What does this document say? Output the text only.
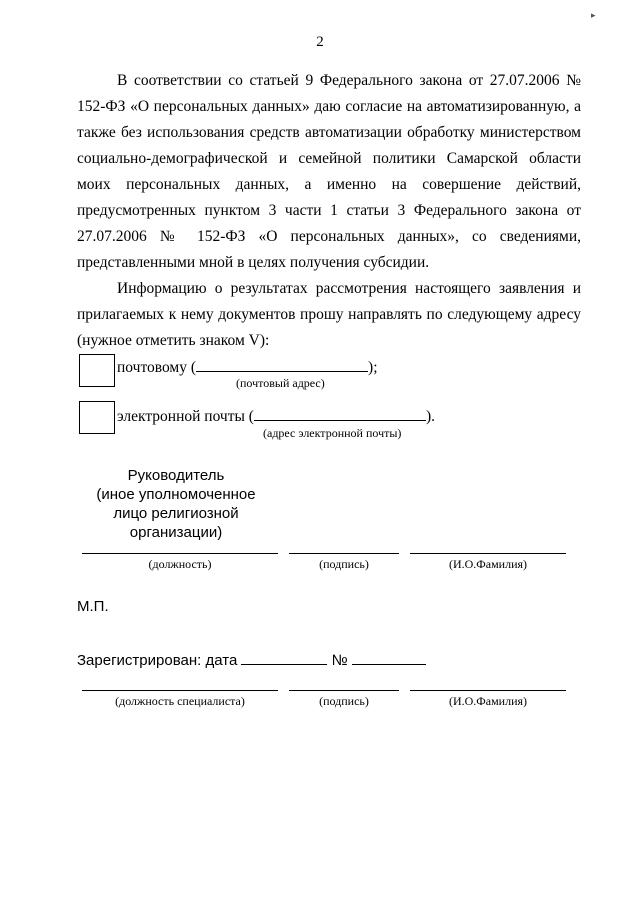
▸
2

В соответствии со статьей 9 Федерального закона от 27.07.2006 № 152-ФЗ «О персональных данных» даю согласие на автоматизированную, а также без использования средств автоматизации обработку министерством социально-демографической и семейной политики Самарской области моих персональных данных, а именно на совершение действий, предусмотренных пунктом 3 части 1 статьи 3 Федерального закона от 27.07.2006 № 152-ФЗ «О персональных данных», со сведениями, представленными мной в целях получения субсидии.

Информацию о результатах рассмотрения настоящего заявления и прилагаемых к нему документов прошу направлять по следующему адресу (нужное отметить знаком V):

почтовому (	);
(почтовый адрес)
электронной почты (	).
(адрес электронной почты)
Руководитель
(иное уполномоченное
лицо религиозной
организации)
(должность)	(подпись)	(И.О.Фамилия)
М.П.
Зарегистрирован: дата	№
(должность специалиста)	(подпись)	(И.О.Фамилия)
